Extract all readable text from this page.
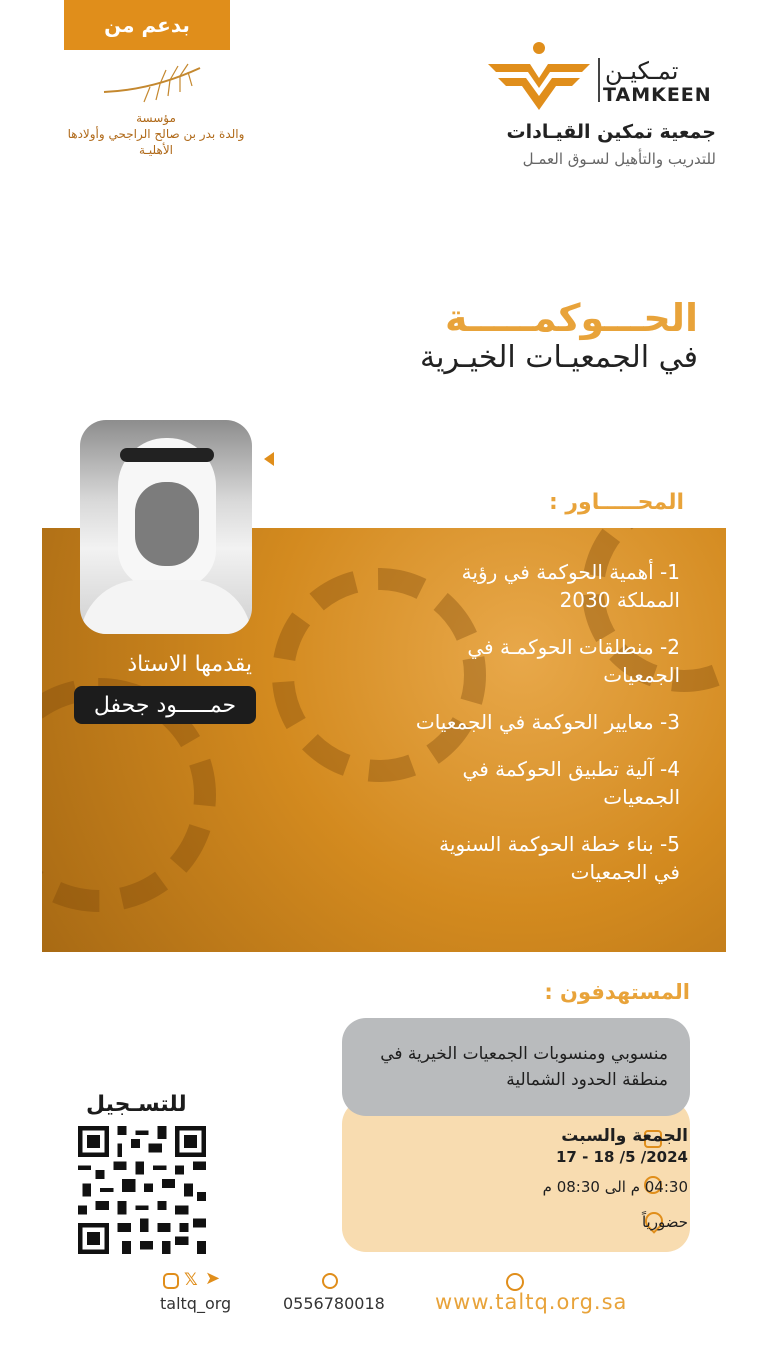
بدعم من
مؤسسة
والدة بدر بن صالح الراجحي وأولادها
الأهليـة
تمـكيـن
TAMKEEN
جمعية تمكين القيـادات
للتدريب والتأهيل لسـوق العمـل
الحـــوكمـــــة
في الجمعيـات الخيـرية
1- أهمية الحوكمة في رؤية المملكة 2030
2- منطلقات الحوكمـة في الجمعيات
3- معايير الحوكمة في الجمعيات
4- آلية تطبيق الحوكمة في الجمعيات
5- بناء خطة الحوكمة السنوية في الجمعيات
المحـــــاور :
يقدمها الاستاذ
حمـــــود جحفل
المستهدفون :
منسوبي ومنسوبات الجمعيات الخيرية في منطقة الحدود الشمالية
الجمعة والسبت
17 - 18 /5 /2024
04:30 م الى 08:30 م
حضورياً
للتسـجيل
𝕏 ➤
taltq_org	0556780018 www.taltq.org.sa
